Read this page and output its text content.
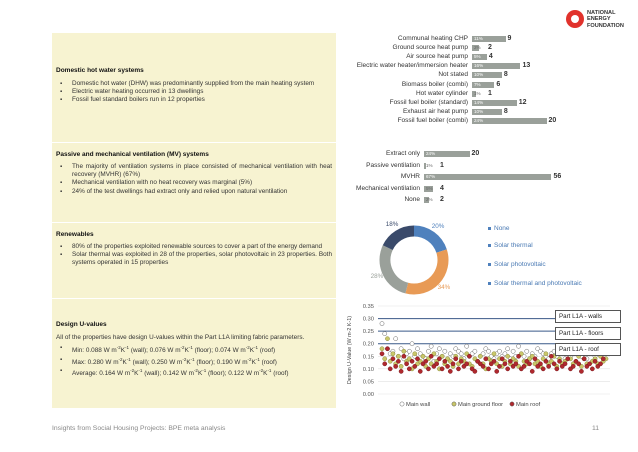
NATIONAL
ENERGY
FOUNDATION
Domestic hot water systems
▪ Domestic hot water (DHW) was predominantly supplied from the main heating system
▪ Electric water heating occurred in 13 dwellings
▪ Fossil fuel standard boilers run in 12 properties
Passive and mechanical ventilation (MV) systems
▪ The majority of ventilation systems in place consisted of mechanical ventilation with heat recovery (MVHR) (67%)
▪ Mechanical ventilation with no heat recovery was marginal (5%)
▪ 24% of the test dwellings had extract only and relied upon natural ventilation
Renewables
▪ 80% of the properties exploited renewable sources to cover a part of the energy demand
▪ Solar thermal was exploited in 28 of the properties, solar photovoltaic in 23 properties. Both systems operated in 15 properties
Design U-values
All of the properties have design U-values within the Part L1A limiting fabric parameters.
▪ Min: 0.088 W $m^{-2}K^{-1}$ (wall); 0.076 W $m^{-2}K^{-1}$ (floor); 0.074 W $m^{-2}K^{-1}$ (roof)
▪ Max: 0.280 W $m^{-2}K^{-1}$ (wall); 0.250 W $m^{-2}K^{-1}$ (floor); 0.190 W $m^{-2}K^{-1}$ (roof)
▪ Average: 0.164 W $m^{-2}K^{-1}$ (wall); 0.142 W $m^{-2}K^{-1}$ (floor); 0.122 W $m^{-2}K^{-1}$ (roof)
Communal heating CHP	11%	9
Ground source heat pump	2% 2
Air source heat pump	5% 4
Electric water heater/immersion heater	16%	13
Not stated	10%	8
Biomass boiler (combi)	7% 6
Hot water cylinder	1% 1
Fossil fuel boiler (standard)	14%	12
Exhaust air heat pump	10%	8
Fossil fuel boiler (combi)	24%	20
Extract only	24%	20
Passive ventilation	1% 1
MVHR	67%	56
Mechanical ventilation	5% 4
None	2% 2
20%
34%
28%
18%
None
Solar thermal
Solar photovoltaic
Solar thermal and photovoltaic
0.00
0.05
0.10
0.15
0.20
0.25
0.30
0.35
Design U-Value (W m-2 K-1)
Main wall	Main ground floor Main roof
Part L1A - walls
Part L1A - floors
Part L1A - roof
Insights from Social Housing Projects: BPE meta analysis	11
